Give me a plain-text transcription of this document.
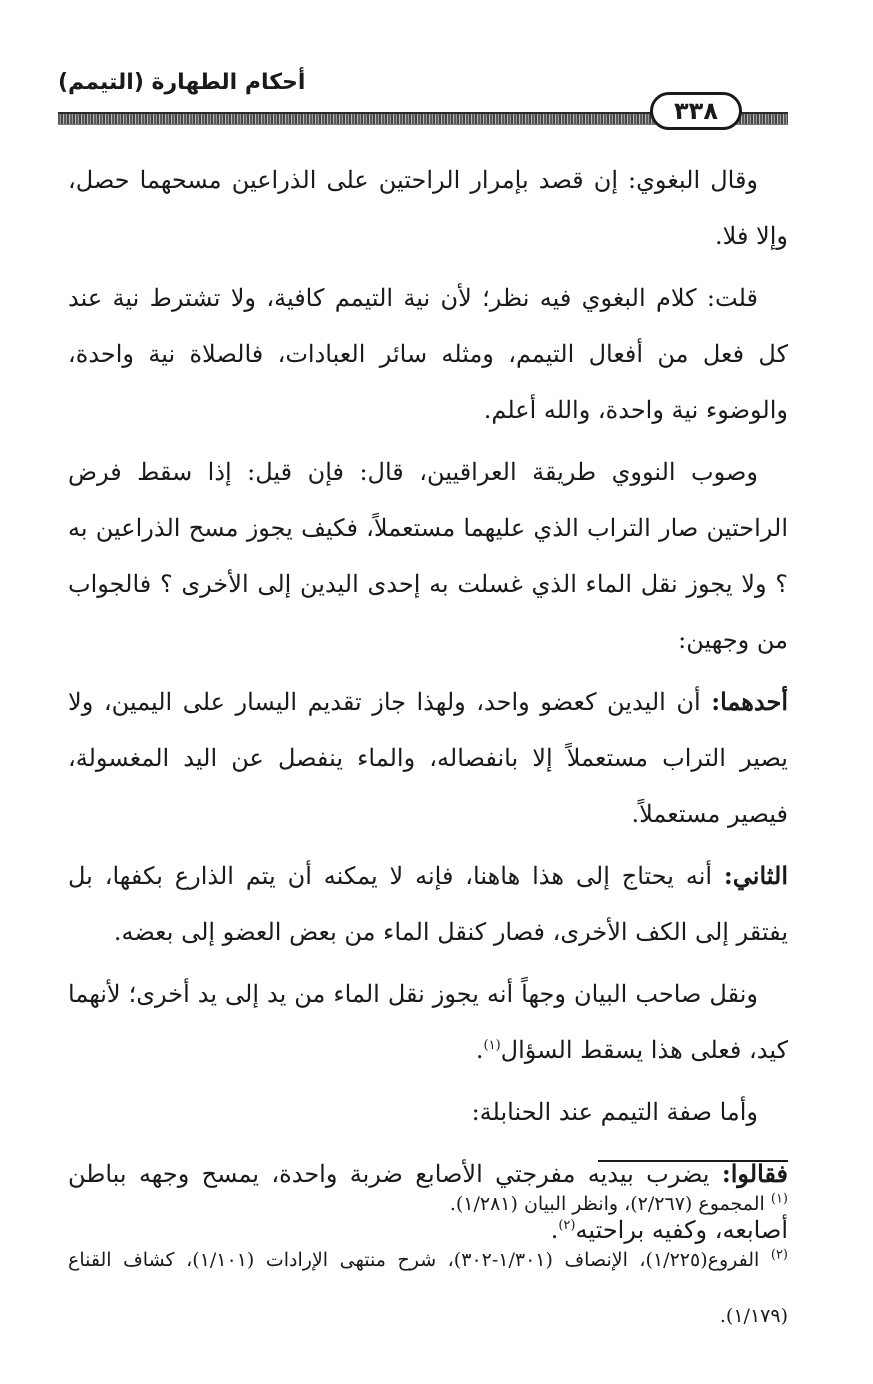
أحكام الطهارة (التيمم)
٣٣٨

وقال البغوي: إن قصد بإمرار الراحتين على الذراعين مسحهما حصل، وإلا فلا.

قلت: كلام البغوي فيه نظر؛ لأن نية التيمم كافية، ولا تشترط نية عند كل فعل من أفعال التيمم، ومثله سائر العبادات، فالصلاة نية واحدة، والوضوء نية واحدة، والله أعلم.

وصوب النووي طريقة العراقيين، قال: فإن قيل: إذا سقط فرض الراحتين صار التراب الذي عليهما مستعملاً، فكيف يجوز مسح الذراعين به ؟ ولا يجوز نقل الماء الذي غسلت به إحدى اليدين إلى الأخرى ؟ فالجواب من وجهين:

أحدهما: أن اليدين كعضو واحد، ولهذا جاز تقديم اليسار على اليمين، ولا يصير التراب مستعملاً إلا بانفصاله، والماء ينفصل عن اليد المغسولة، فيصير مستعملاً.

الثاني: أنه يحتاج إلى هذا هاهنا، فإنه لا يمكنه أن يتم الذارع بكفها، بل يفتقر إلى الكف الأخرى، فصار كنقل الماء من بعض العضو إلى بعضه.

ونقل صاحب البيان وجهاً أنه يجوز نقل الماء من يد إلى يد أخرى؛ لأنهما كيد، فعلى هذا يسقط السؤال$^{(١)}$.

وأما صفة التيمم عند الحنابلة:

فقالوا: يضرب بيديه مفرجتي الأصابع ضربة واحدة، يمسح وجهه بباطن أصابعه، وكفيه براحتيه$^{(٢)}$.

$^{(١)}$ المجموع (٢/٢٦٧)، وانظر البيان (١/٢٨١).

$^{(٢)}$ الفروع(١/٢٢٥)، الإنصاف (١/٣٠١-٣٠٢)، شرح منتهى الإرادات (١/١٠١)، كشاف القناع (١/١٧٩).
